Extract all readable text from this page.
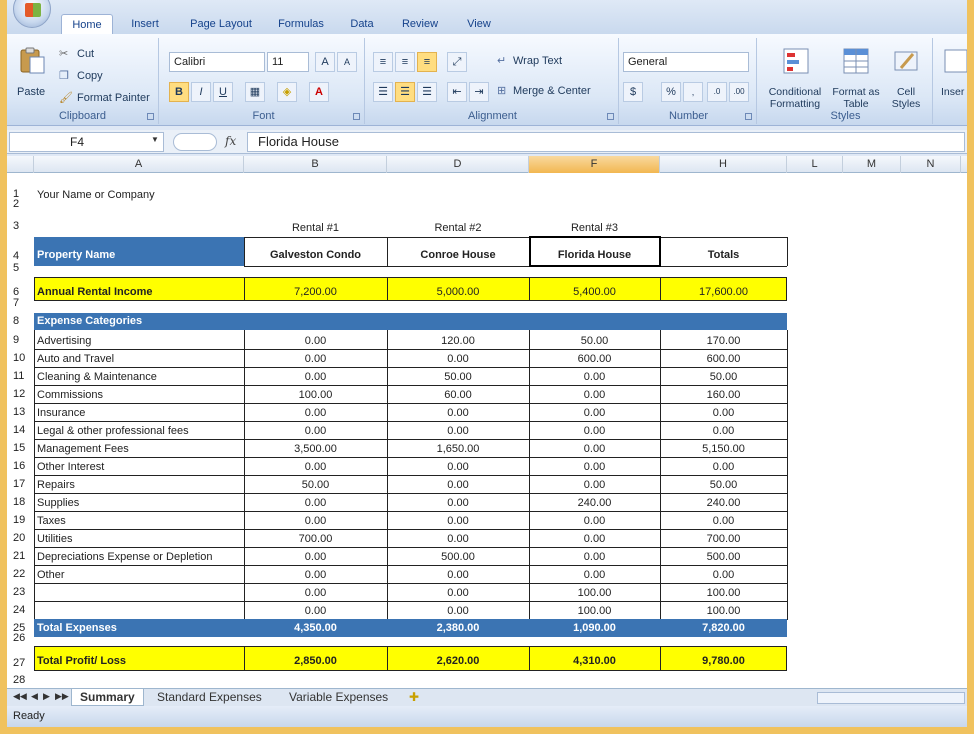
Home	Insert	Page Layout	Formulas	Data	Review	View
Paste
✂ Cut
❐ Copy
🖌 Format Painter
Clipboard
Calibri	11	A	A
B	I	U	▦	◈	A
Font
≡	≡	≡	⤢	↵ Wrap Text
☰	☰	☰	⇤	⇥	⊞ Merge & Center
Alignment
General
$	%	,	.0	.00
Number
Conditional Formatting
Format as Table
Cell Styles
Styles
Inser
F4	▼	fx	Florida House
A	B	D	F	H	L	M	N
1
2
3
4
5
6
7
8
25
26
27
28
Your Name or Company
Rental #1	Rental #2	Rental #3
Property Name	Galveston Condo	Conroe House	Florida House	Totals
Annual Rental Income	7,200.00	5,000.00	5,400.00	17,600.00
Expense Categories
9	Advertising	0.00	120.00	50.00	170.00
10	Auto and Travel	0.00	0.00	600.00	600.00
11	Cleaning & Maintenance	0.00	50.00	0.00	50.00
12	Commissions	100.00	60.00	0.00	160.00
13	Insurance	0.00	0.00	0.00	0.00
14	Legal & other professional fees	0.00	0.00	0.00	0.00
15	Management Fees	3,500.00	1,650.00	0.00	5,150.00
16	Other Interest	0.00	0.00	0.00	0.00
17	Repairs	50.00	0.00	0.00	50.00
18	Supplies	0.00	0.00	240.00	240.00
19	Taxes	0.00	0.00	0.00	0.00
20	Utilities	700.00	0.00	0.00	700.00
21	Depreciations Expense or Depletion	0.00	500.00	0.00	500.00
22	Other	0.00	0.00	0.00	0.00
23	0.00	0.00	100.00	100.00
24	0.00	0.00	100.00	100.00
Total Expenses	4,350.00	2,380.00	1,090.00	7,820.00
Total Profit/ Loss	2,850.00	2,620.00	4,310.00	9,780.00
◀◀ ◀ ▶ ▶▶ Summary	Standard Expenses	Variable Expenses	✚
Ready
